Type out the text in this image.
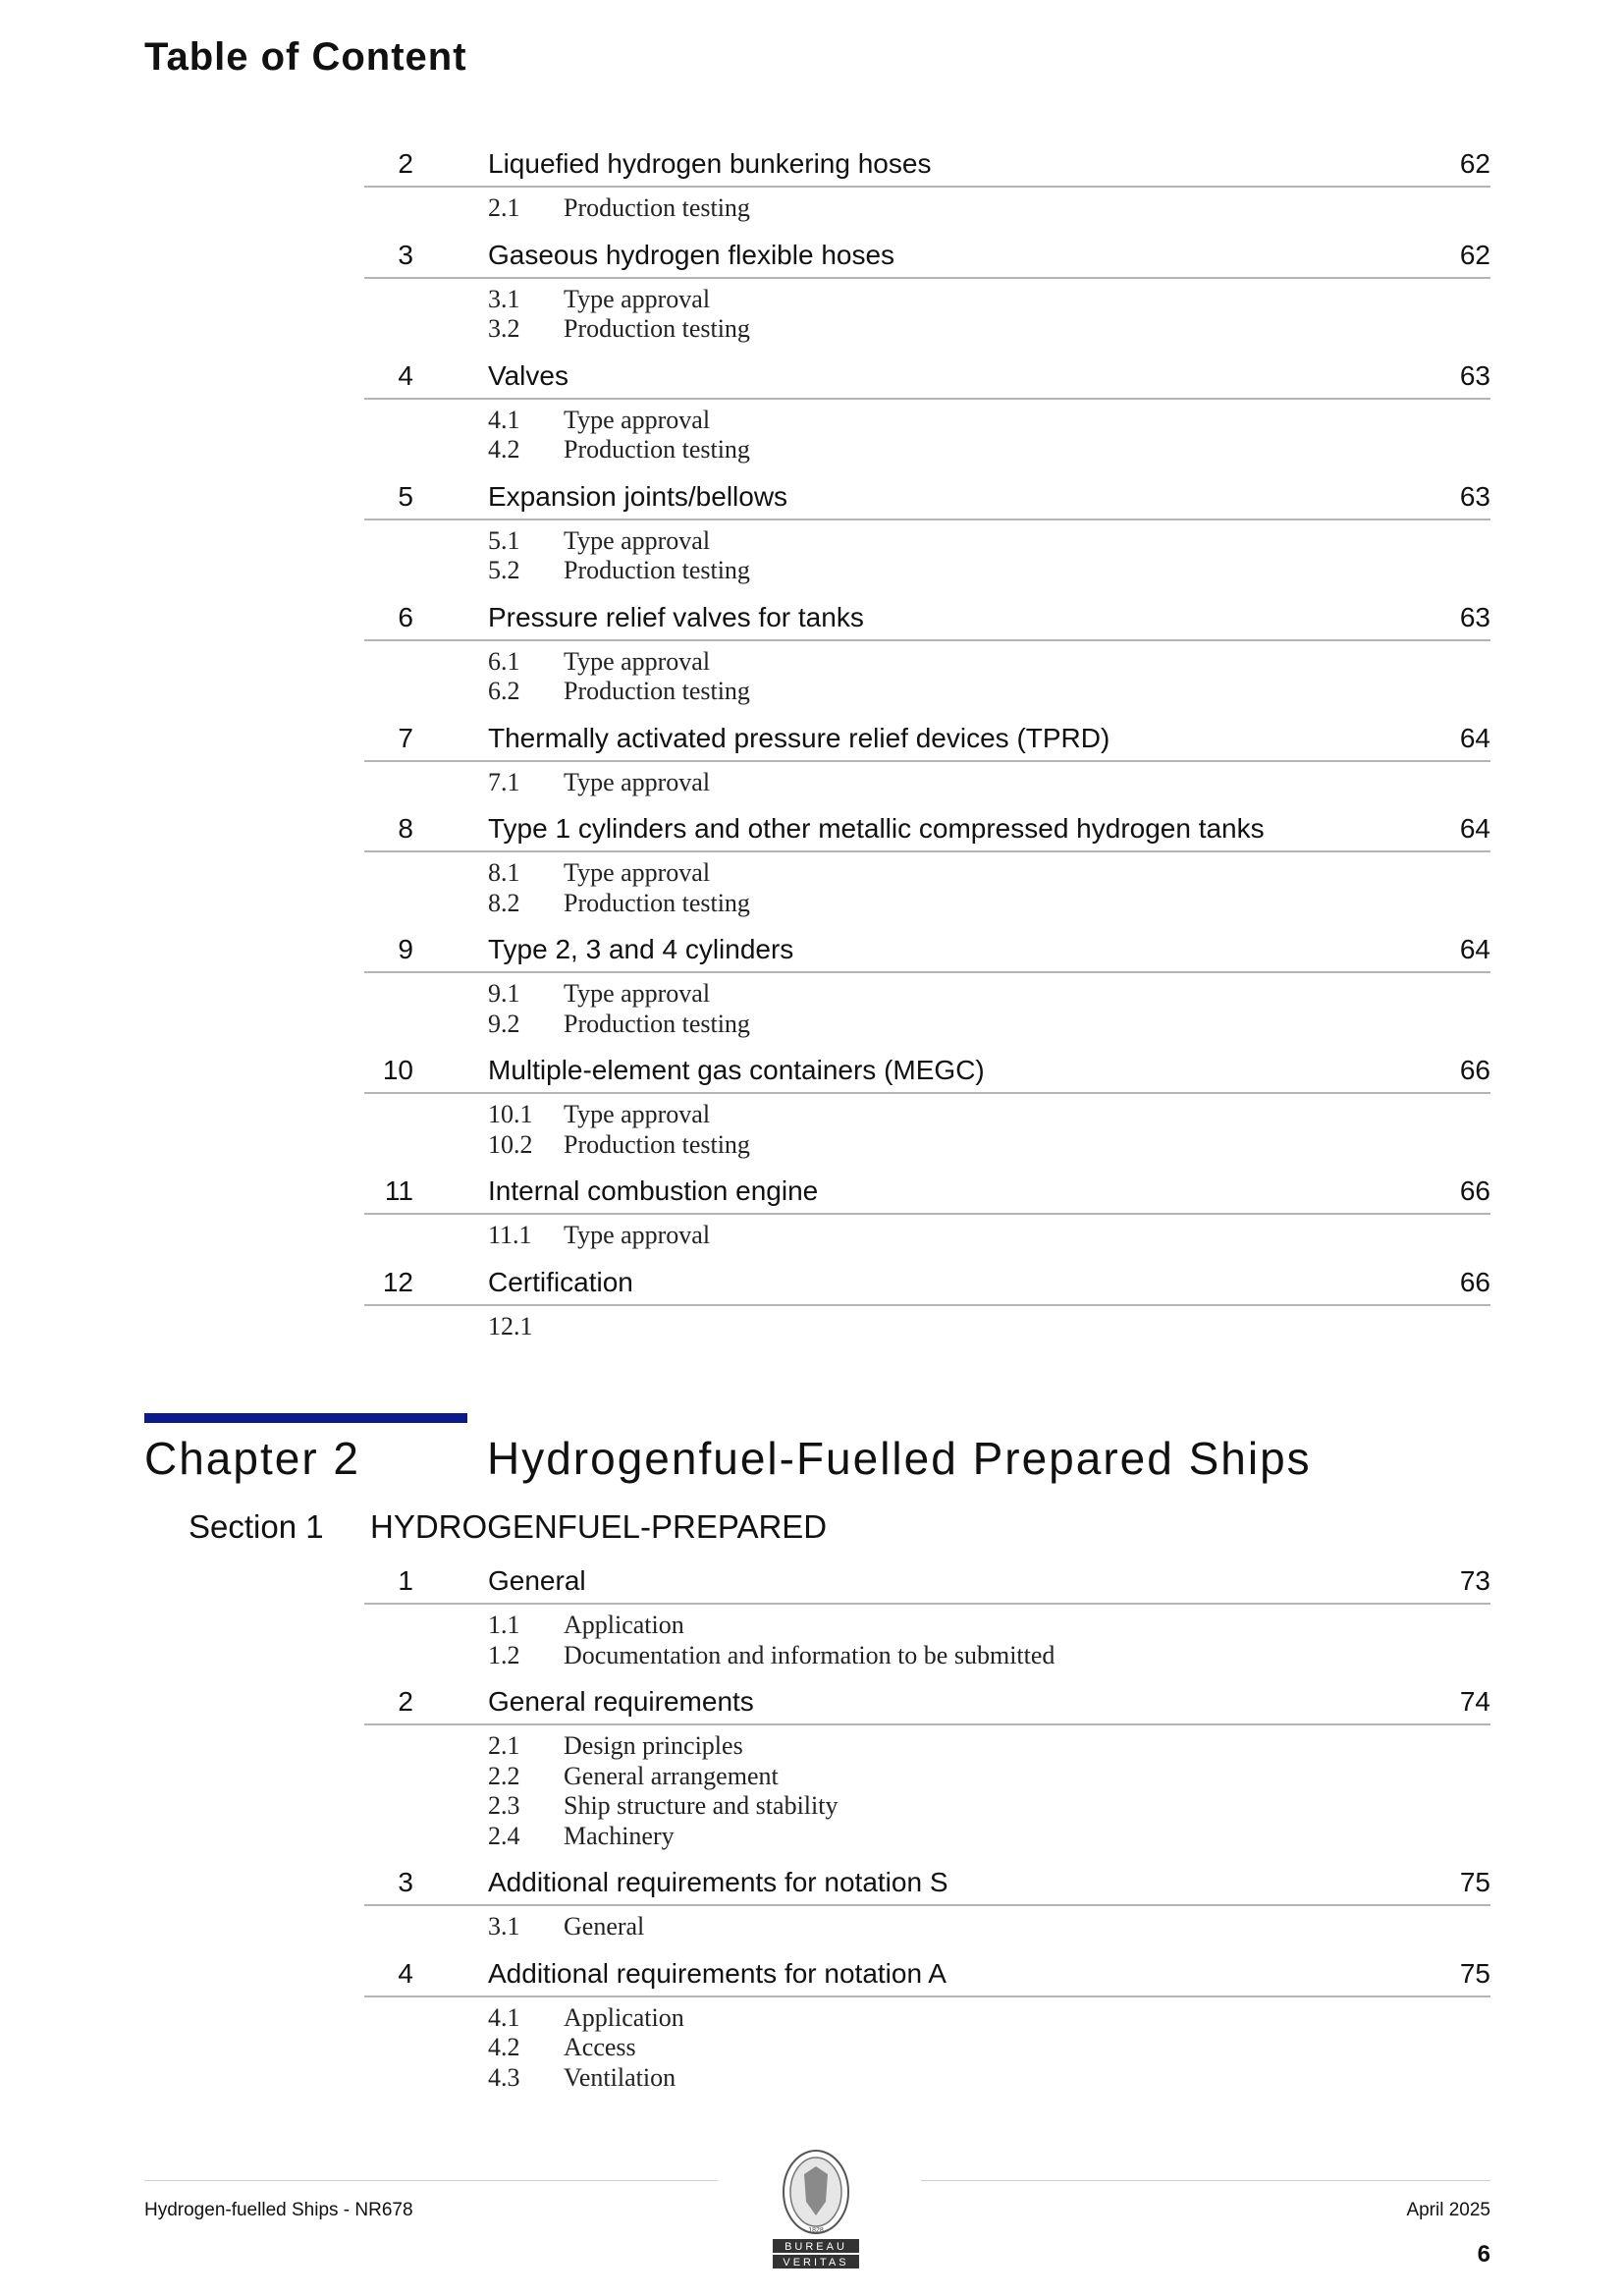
Table of Content
2	Liquefied hydrogen bunkering hoses	62
2.1 Production testing
3	Gaseous hydrogen flexible hoses	62
3.1 Type approval
3.2 Production testing
4	Valves	63
4.1 Type approval
4.2 Production testing
5	Expansion joints/bellows	63
5.1 Type approval
5.2 Production testing
6	Pressure relief valves for tanks	63
6.1 Type approval
6.2 Production testing
7	Thermally activated pressure relief devices (TPRD)	64
7.1 Type approval
8	Type 1 cylinders and other metallic compressed hydrogen tanks	64
8.1 Type approval
8.2 Production testing
9	Type 2, 3 and 4 cylinders	64
9.1 Type approval
9.2 Production testing
10	Multiple-element gas containers (MEGC)	66
10.1 Type approval
10.2 Production testing
11	Internal combustion engine	66
11.1 Type approval
12	Certification	66
12.1
Chapter 2	Hydrogenfuel-Fuelled Prepared Ships
Section 1 HYDROGENFUEL-PREPARED
1	General	73
1.1 Application
1.2 Documentation and information to be submitted
2	General requirements	74
2.1 Design principles
2.2 General arrangement
2.3 Ship structure and stability
2.4 Machinery
3	Additional requirements for notation S	75
3.1 General
4	Additional requirements for notation A	75
4.1 Application
4.2 Access
4.3 Ventilation
Hydrogen-fuelled Ships - NR678	April 2025
6
1828
BUREAU
VERITAS
